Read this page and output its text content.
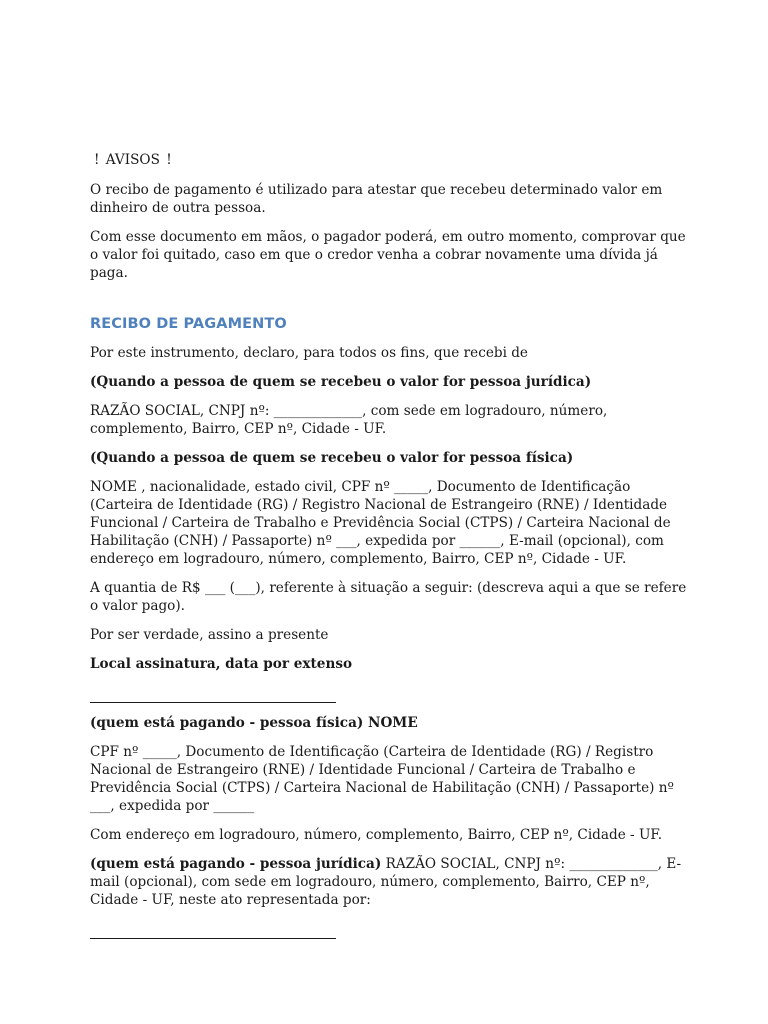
! AVISOS !

O recibo de pagamento é utilizado para atestar que recebeu determinado valor em dinheiro de outra pessoa.

Com esse documento em mãos, o pagador poderá, em outro momento, comprovar que o valor foi quitado, caso em que o credor venha a cobrar novamente uma dívida já paga.

RECIBO DE PAGAMENTO

Por este instrumento, declaro, para todos os fins, que recebi de

(Quando a pessoa de quem se recebeu o valor for pessoa jurídica)

RAZÃO SOCIAL, CNPJ nº: _____________, com sede em logradouro, número, complemento, Bairro, CEP nº, Cidade - UF.

(Quando a pessoa de quem se recebeu o valor for pessoa física)

NOME , nacionalidade, estado civil, CPF nº _____, Documento de Identificação (Carteira de Identidade (RG) / Registro Nacional de Estrangeiro (RNE) / Identidade Funcional / Carteira de Trabalho e Previdência Social (CTPS) / Carteira Nacional de Habilitação (CNH) / Passaporte) nº ___, expedida por ______, E-mail (opcional), com endereço em logradouro, número, complemento, Bairro, CEP nº, Cidade - UF.

A quantia de R$ ___ (___), referente à situação a seguir: (descreva aqui a que se refere o valor pago).

Por ser verdade, assino a presente

Local assinatura, data por extenso

(quem está pagando - pessoa física) NOME

CPF nº _____, Documento de Identificação (Carteira de Identidade (RG) / Registro Nacional de Estrangeiro (RNE) / Identidade Funcional / Carteira de Trabalho e Previdência Social (CTPS) / Carteira Nacional de Habilitação (CNH) / Passaporte) nº ___, expedida por ______

Com endereço em logradouro, número, complemento, Bairro, CEP nº, Cidade - UF.

(quem está pagando - pessoa jurídica) RAZÃO SOCIAL, CNPJ nº: _____________, E-mail (opcional), com sede em logradouro, número, complemento, Bairro, CEP nº, Cidade - UF, neste ato representada por:
